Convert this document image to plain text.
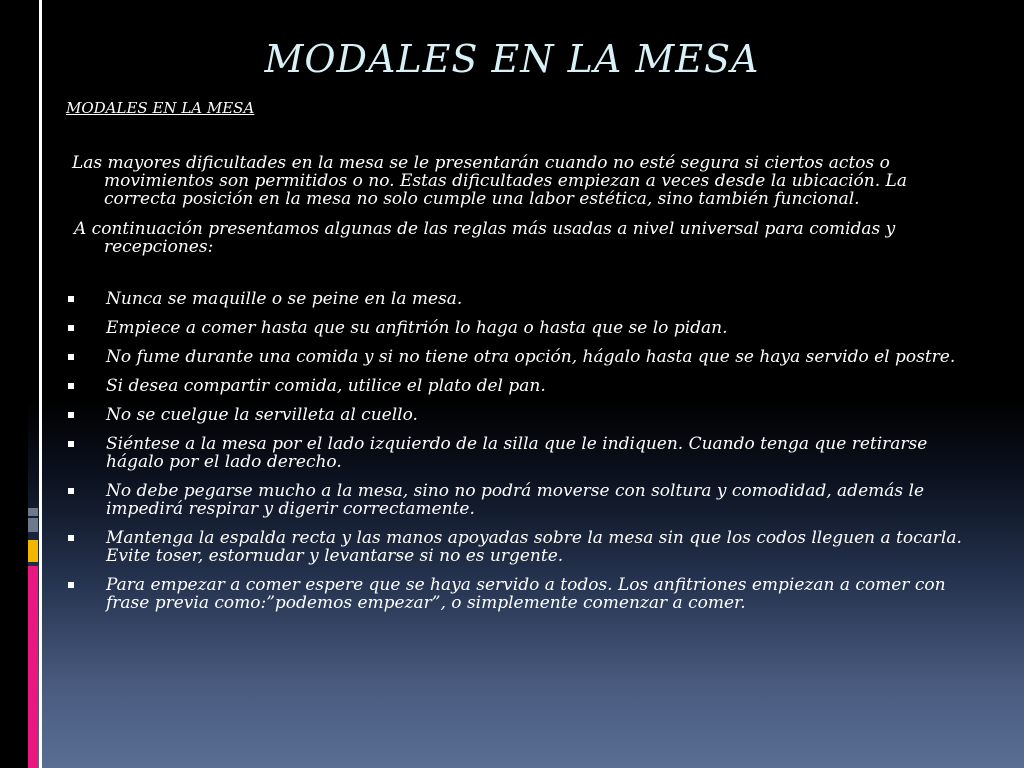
MODALES EN LA MESA
MODALES EN LA MESA

Las mayores dificultades en la mesa se le presentarán cuando no esté segura si ciertos actos o movimientos son permitidos o no. Estas dificultades empiezan a veces desde la ubicación. La correcta posición en la mesa no solo cumple una labor estética, sino también funcional.

A continuación presentamos algunas de las reglas más usadas a nivel universal para comidas y recepciones:

Nunca se maquille o se peine en la mesa.
Empiece a comer hasta que su anfitrión lo haga o hasta que se lo pidan.
No fume durante una comida y si no tiene otra opción, hágalo hasta que se haya servido el postre.
Si desea compartir comida, utilice el plato del pan.
No se cuelgue la servilleta al cuello.
Siéntese a la mesa por el lado izquierdo de la silla que le indiquen. Cuando tenga que retirarse hágalo por el lado derecho.
No debe pegarse mucho a la mesa, sino no podrá moverse con soltura y comodidad, además le impedirá respirar y digerir correctamente.
Mantenga la espalda recta y las manos apoyadas sobre la mesa sin que los codos lleguen a tocarla. Evite toser, estornudar y levantarse si no es urgente.
Para empezar a comer espere que se haya servido a todos. Los anfitriones empiezan a comer con frase previa como:”podemos empezar”, o simplemente comenzar a comer.
